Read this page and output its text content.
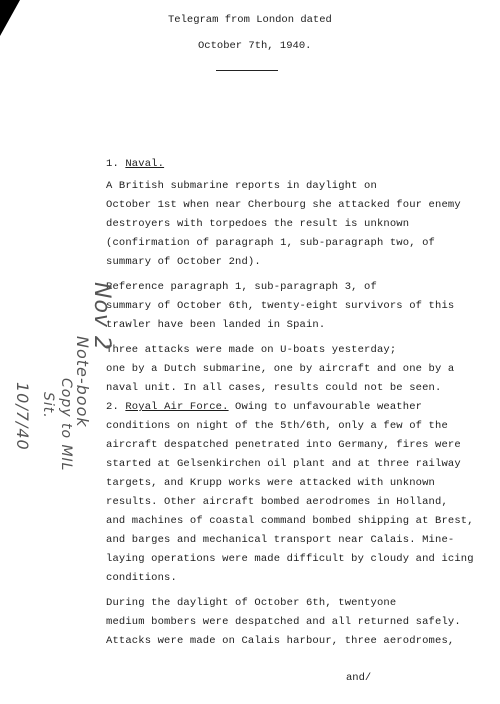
Telegram from London dated
October 7th, 1940.
1. Naval.
A British submarine reports in daylight on
October 1st when near Cherbourg she attacked four enemy
destroyers with torpedoes the result is unknown
(confirmation of paragraph 1, sub-paragraph two, of
summary of October 2nd).
Reference paragraph 1, sub-paragraph 3, of
summary of October 6th, twenty-eight survivors of this
trawler have been landed in Spain.
Three attacks were made on U-boats yesterday;
one by a Dutch submarine, one by aircraft and one by a
naval unit. In all cases, results could not be seen.
2. Royal Air Force. Owing to unfavourable weather
conditions on night of the 5th/6th, only a few of the
aircraft despatched penetrated into Germany, fires were
started at Gelsenkirchen oil plant and at three railway
targets, and Krupp works were attacked with unknown
results. Other aircraft bombed aerodromes in Holland,
and machines of coastal command bombed shipping at Brest,
and barges and mechanical transport near Calais. Mine-
laying operations were made difficult by cloudy and icing
conditions.
During the daylight of October 6th, twentyone
medium bombers were despatched and all returned safely.
Attacks were made on Calais harbour, three aerodromes,
Nov 2
Note-book
10/7/40 Sit. Copy to MIL
and/
